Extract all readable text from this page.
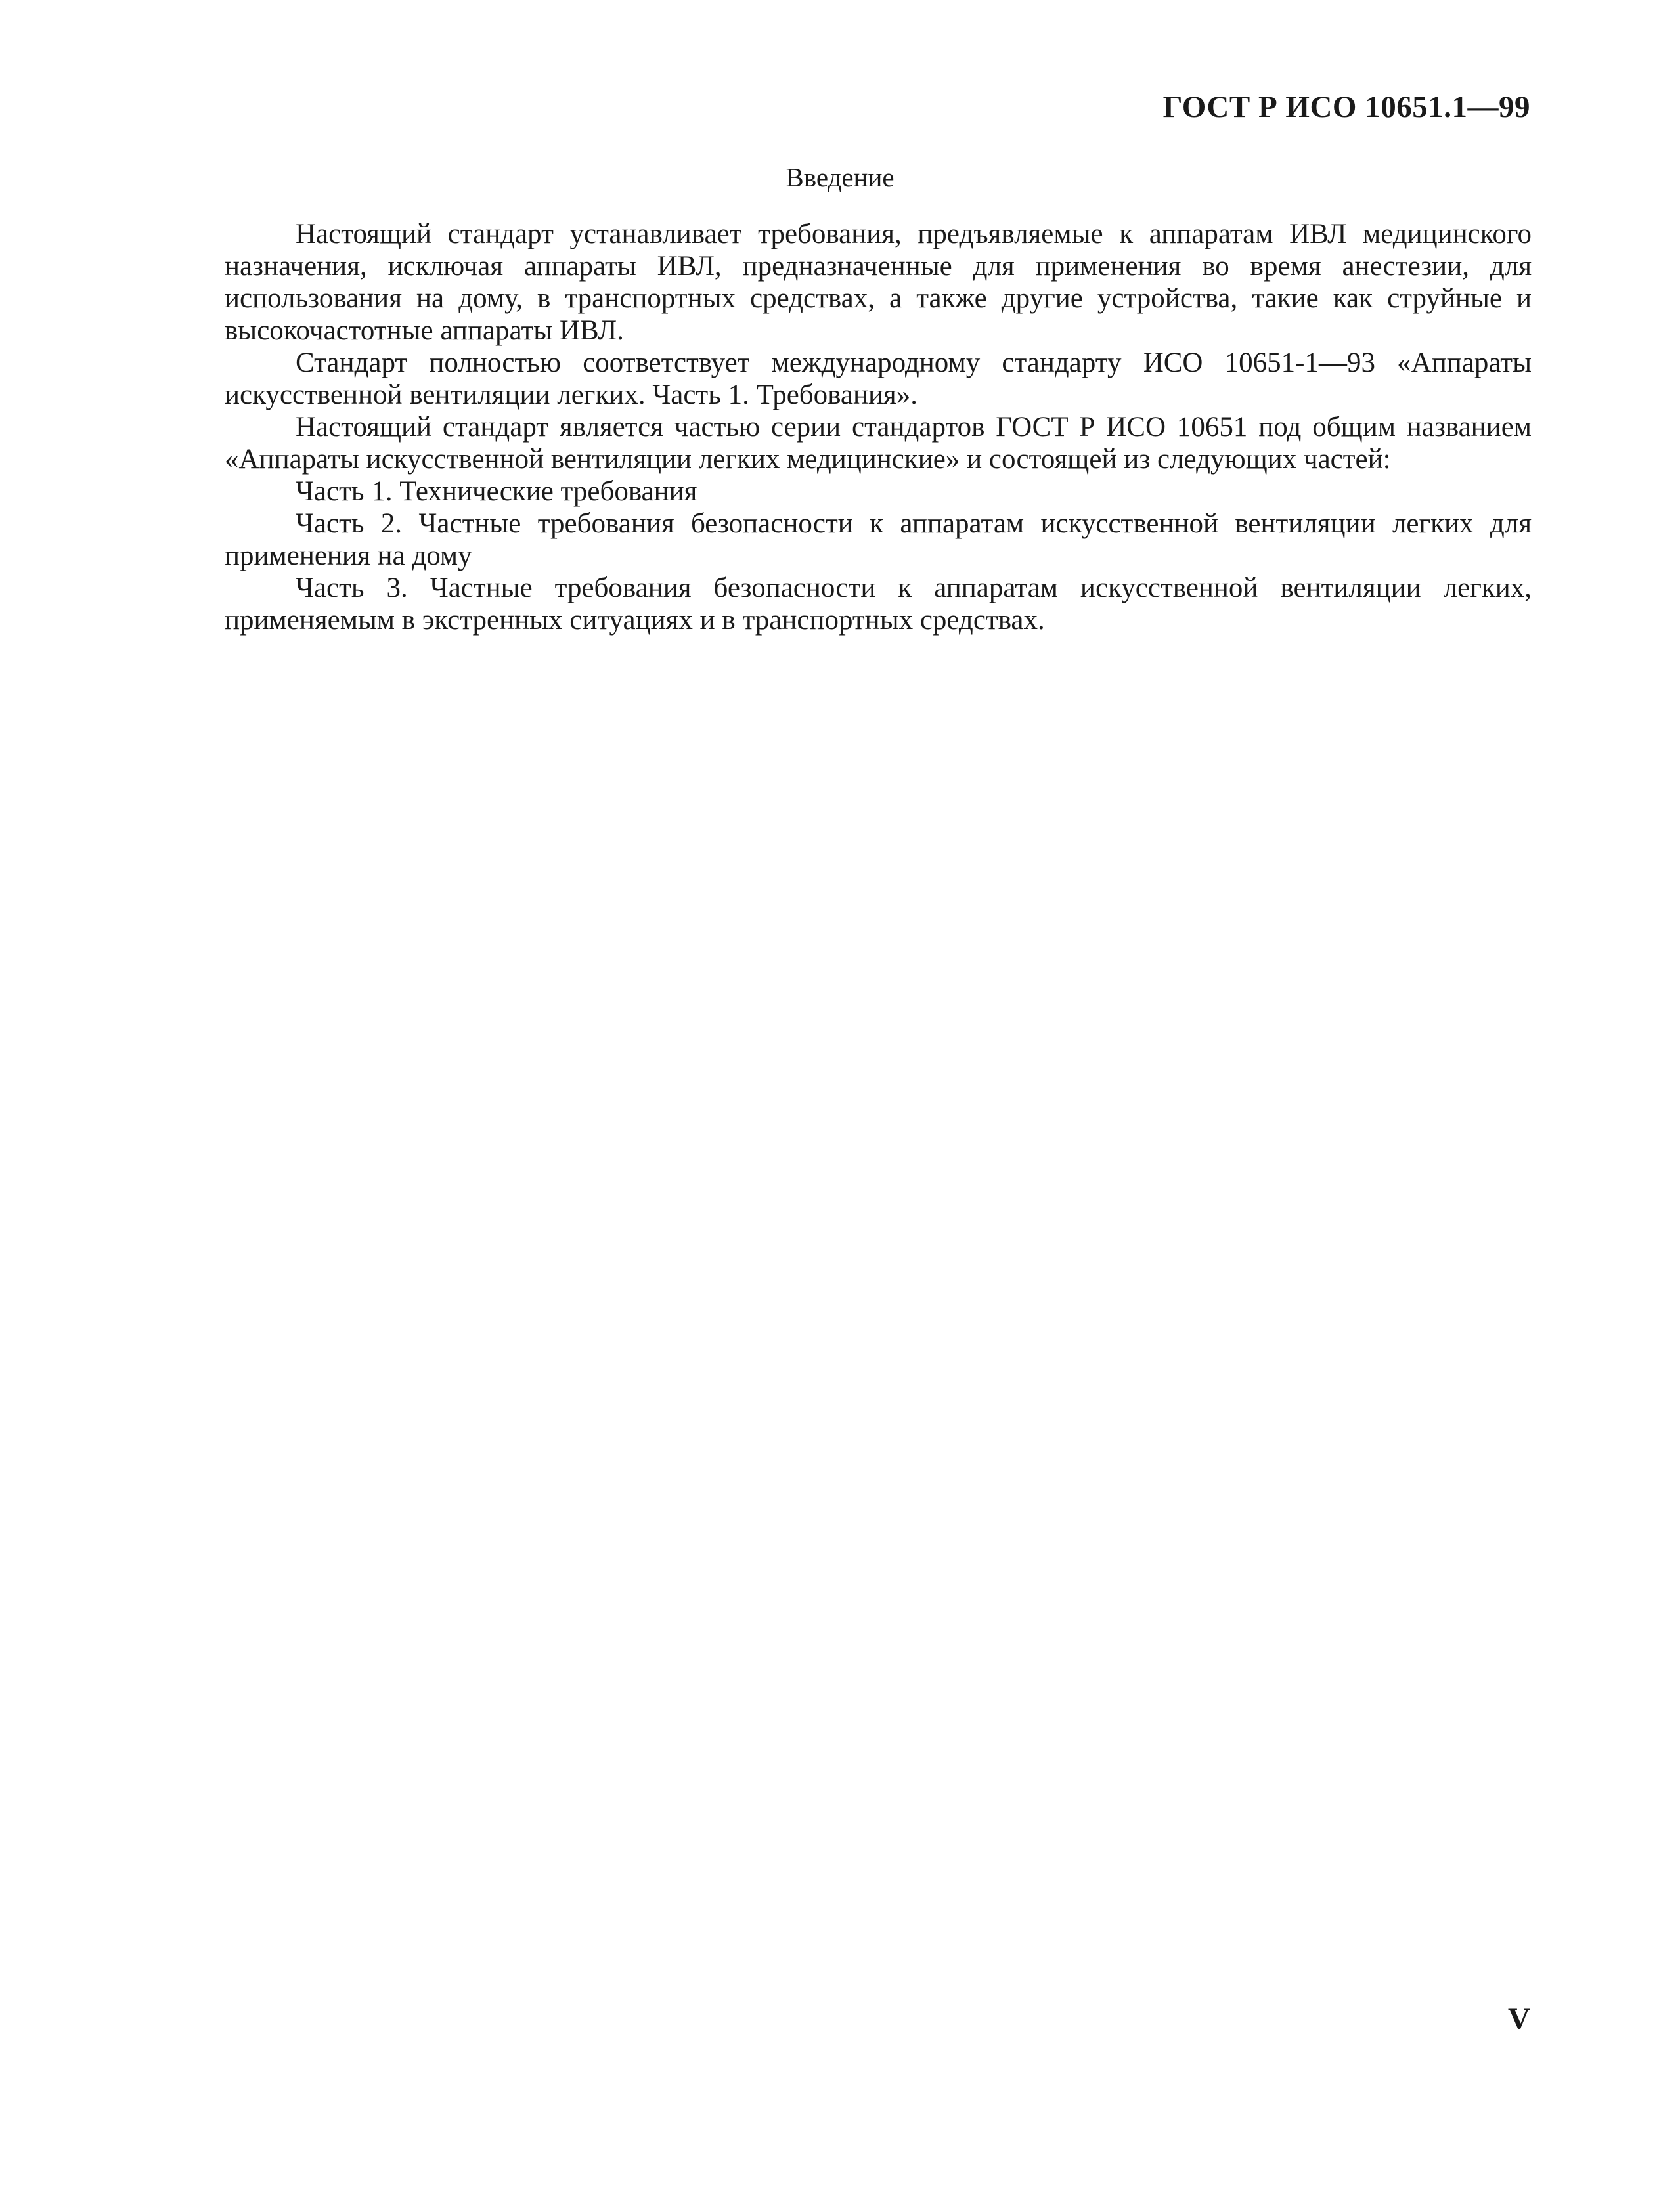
ГОСТ Р ИСО 10651.1—99
Введение

Настоящий стандарт устанавливает требования, предъявляемые к аппаратам ИВЛ медицинского назначения, исключая аппараты ИВЛ, предназначенные для применения во время анестезии, для использования на дому, в транспортных средствах, а также другие устройства, такие как струйные и высокочастотные аппараты ИВЛ.

Стандарт полностью соответствует международному стандарту ИСО 10651-1—93 «Аппараты искусственной вентиляции легких. Часть 1. Требования».

Настоящий стандарт является частью серии стандартов ГОСТ Р ИСО 10651 под общим названием «Аппараты искусственной вентиляции легких медицинские» и состоящей из следующих частей:

Часть 1. Технические требования

Часть 2. Частные требования безопасности к аппаратам искусственной вентиляции легких для применения на дому

Часть 3. Частные требования безопасности к аппаратам искусственной вентиляции легких, применяемым в экстренных ситуациях и в транспортных средствах.

V
